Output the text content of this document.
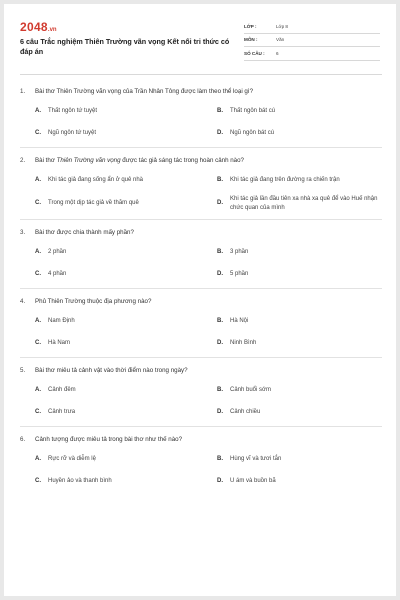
2048.vn
6 câu Trắc nghiệm Thiên Trường vãn vọng Kết nối tri thức có đáp án
LỚP :	Lớp 8
MÔN :	Văn
SỐ CÂU :	6
1.	Bài thơ Thiên Trường vãn vọng của Trần Nhân Tông được làm theo thể loại gì?
A.	Thất ngôn tứ tuyệt	B.	Thất ngôn bát cú
C.	Ngũ ngôn tứ tuyệt	D.	Ngũ ngôn bát cú
2.	Bài thơ Thiên Trường vãn vọng được tác giả sáng tác trong hoàn cảnh nào?
A.	Khi tác giả đang sống ẩn ở quê nhà	B.	Khi tác giả đang trên đường ra chiến trận
C.	Trong một dịp tác giả về thăm quê	D.
Khi tác giả lần đầu tiên xa nhà xa quê để vào Huế nhận chức quan của mình
3.	Bài thơ được chia thành mấy phần?
A.	2 phần	B.	3 phần
C.	4 phần	D.	5 phần
4.	Phủ Thiên Trường thuộc địa phương nào?
A.	Nam Định	B.	Hà Nội
C.	Hà Nam	D.	Ninh Bình
5.	Bài thơ miêu tả cảnh vật vào thời điểm nào trong ngày?
A.	Cảnh đêm	B.	Cảnh buổi sớm
C.	Cảnh trưa	D.	Cảnh chiều
6.	Cảnh tượng được miêu tả trong bài thơ như thế nào?
A.	Rực rỡ và diễm lệ	B.	Hùng vĩ và tươi tắn
C.	Huyền ảo và thanh bình	D.	U ám và buồn bã
